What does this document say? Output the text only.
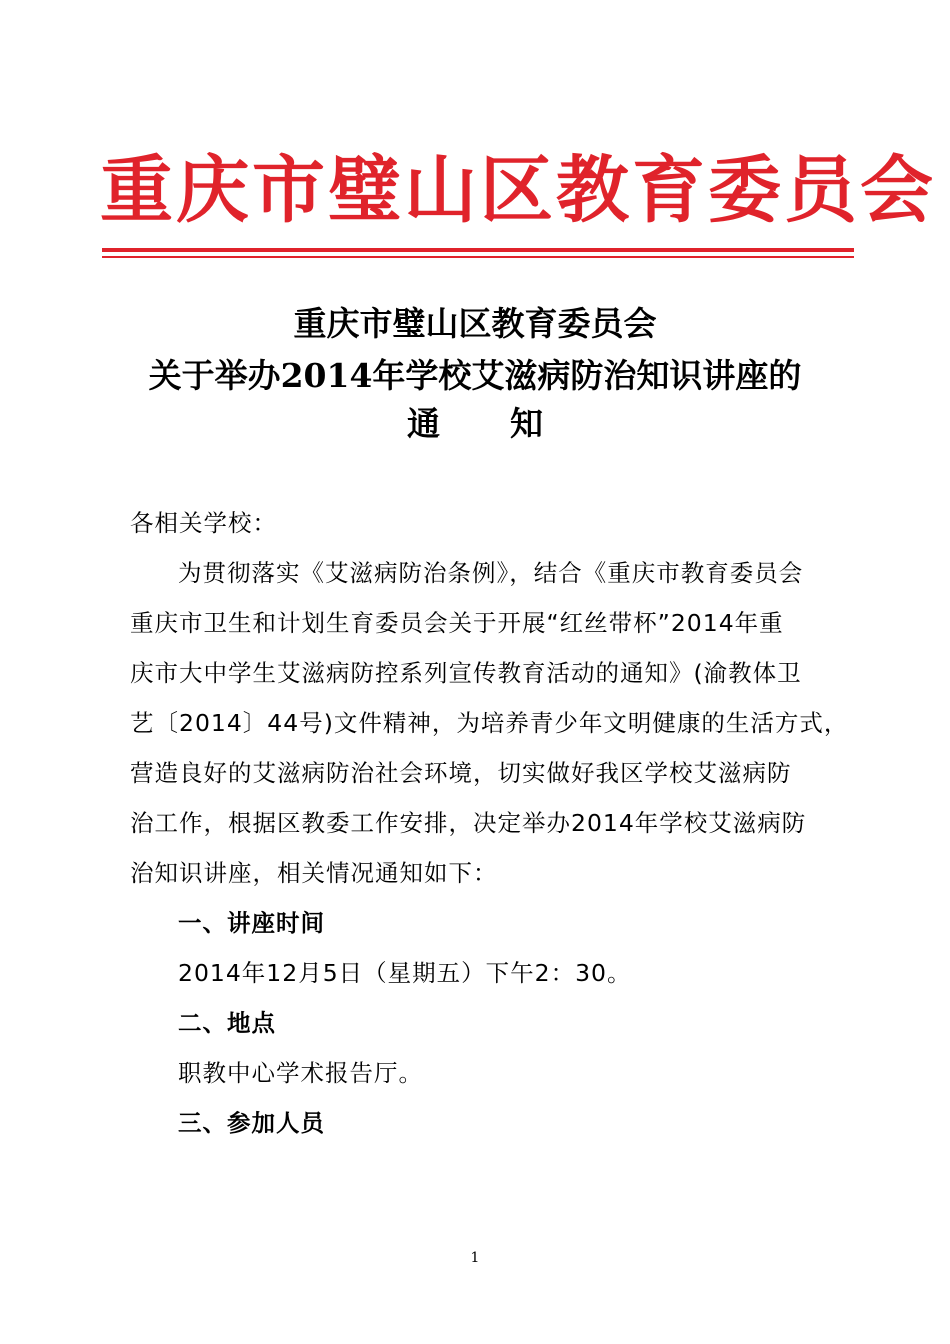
重庆市璧山区教育委员会
重庆市璧山区教育委员会
关于举办2014年学校艾滋病防治知识讲座的
通 知
各相关学校：
为贯彻落实《艾滋病防治条例》，结合《重庆市教育委员会
重庆市卫生和计划生育委员会关于开展“红丝带杯”2014年重
庆市大中学生艾滋病防控系列宣传教育活动的通知》(渝教体卫
艺〔2014〕44号)文件精神，为培养青少年文明健康的生活方式，
营造良好的艾滋病防治社会环境，切实做好我区学校艾滋病防
治工作，根据区教委工作安排，决定举办2014年学校艾滋病防
治知识讲座，相关情况通知如下：
一、讲座时间
2014年12月5日（星期五）下午2：30。
二、地点
职教中心学术报告厅。
三、参加人员
1
